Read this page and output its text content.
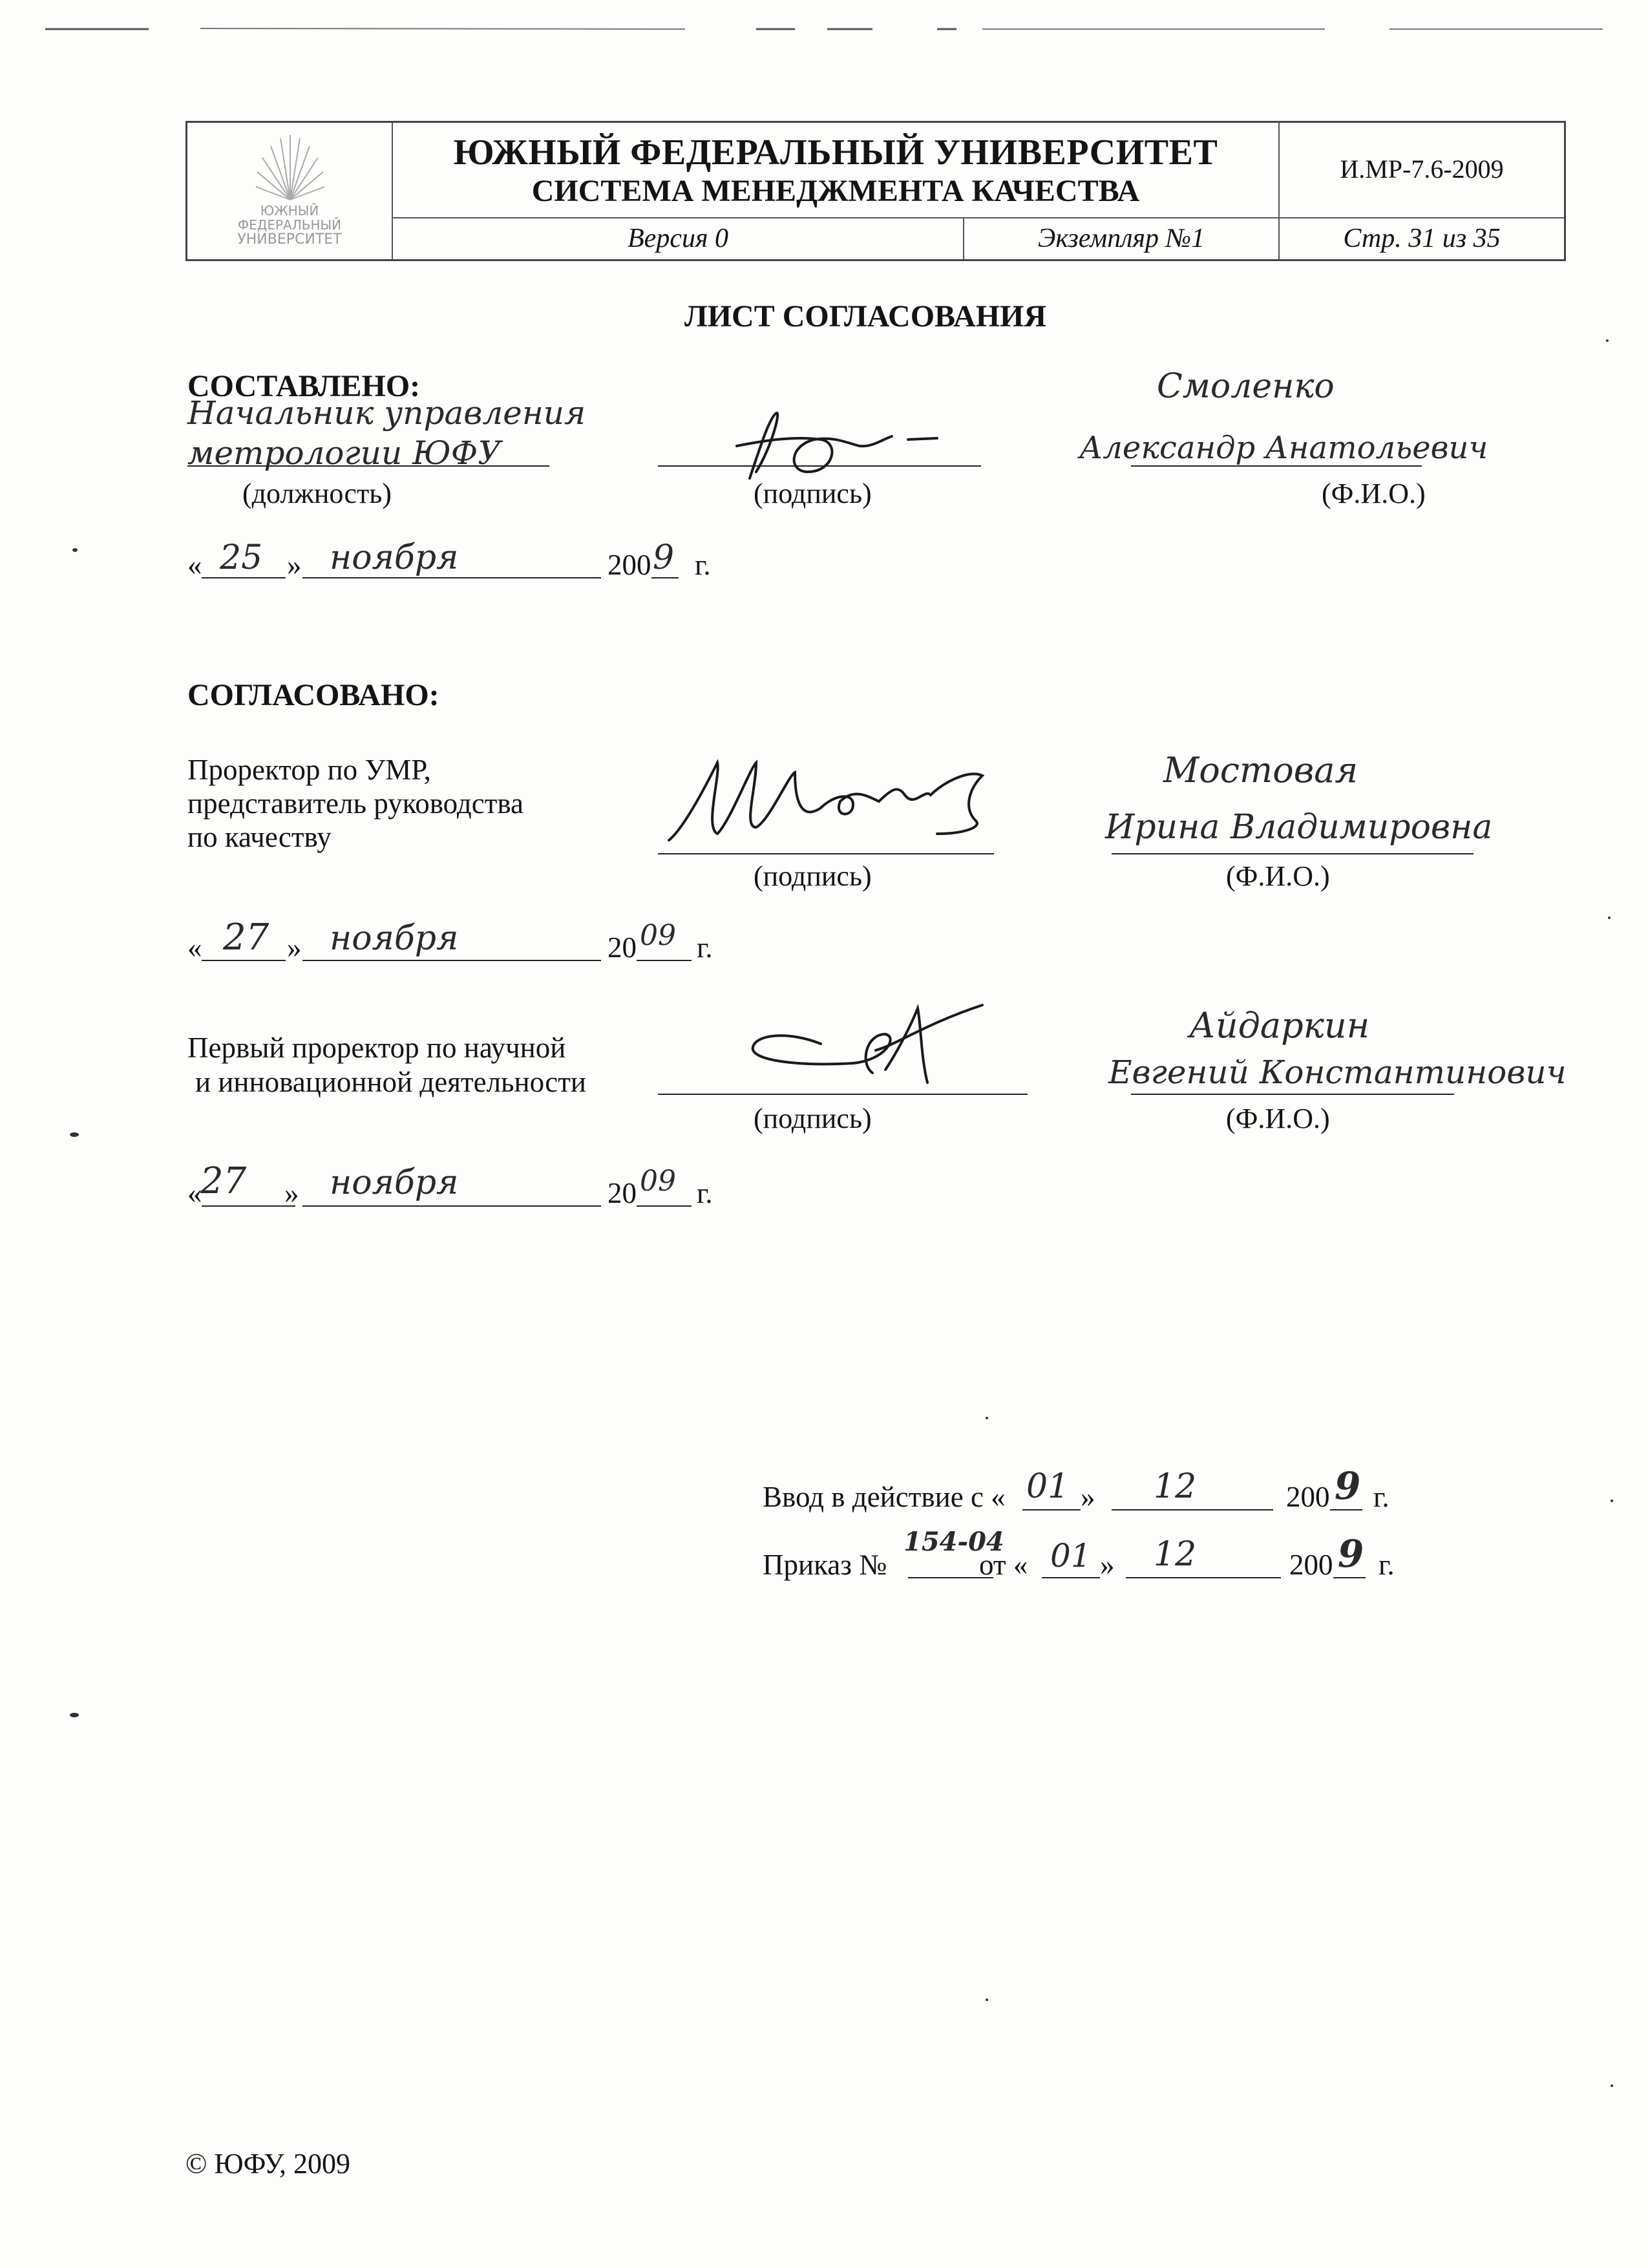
ЮЖНЫЙ
ФЕДЕРАЛЬНЫЙ
УНИВЕРСИТЕТ
ЮЖНЫЙ ФЕДЕРАЛЬНЫЙ УНИВЕРСИТЕТ
СИСТЕМА МЕНЕДЖМЕНТА КАЧЕСТВА
И.МР-7.6-2009
Версия 0	Экземпляр №1	Стр. 31 из 35
ЛИСТ СОГЛАСОВАНИЯ
СОСТАВЛЕНО:
Начальник управления
метрологии ЮФУ
(должность)	(подпись)
Смоленко
Александр Анатольевич
(Ф.И.О.)
« 25 » ноября	200 9 г.
СОГЛАСОВАНО:
Проректор по УМР,
представитель руководства
по качеству
(подпись)
Мостовая
Ирина Владимировна
(Ф.И.О.)
« 27 » ноября	20 09 г.
Первый проректор по научной
и инновационной деятельности
(подпись)
Айдаркин
Евгений Константинович
(Ф.И.О.)
«
27 » ноября	20 09 г.
Ввод в действие с « 01 » 12	200 9 г.
Приказ №
154-04
от « 01 » 12	200 9 г.
© ЮФУ, 2009
